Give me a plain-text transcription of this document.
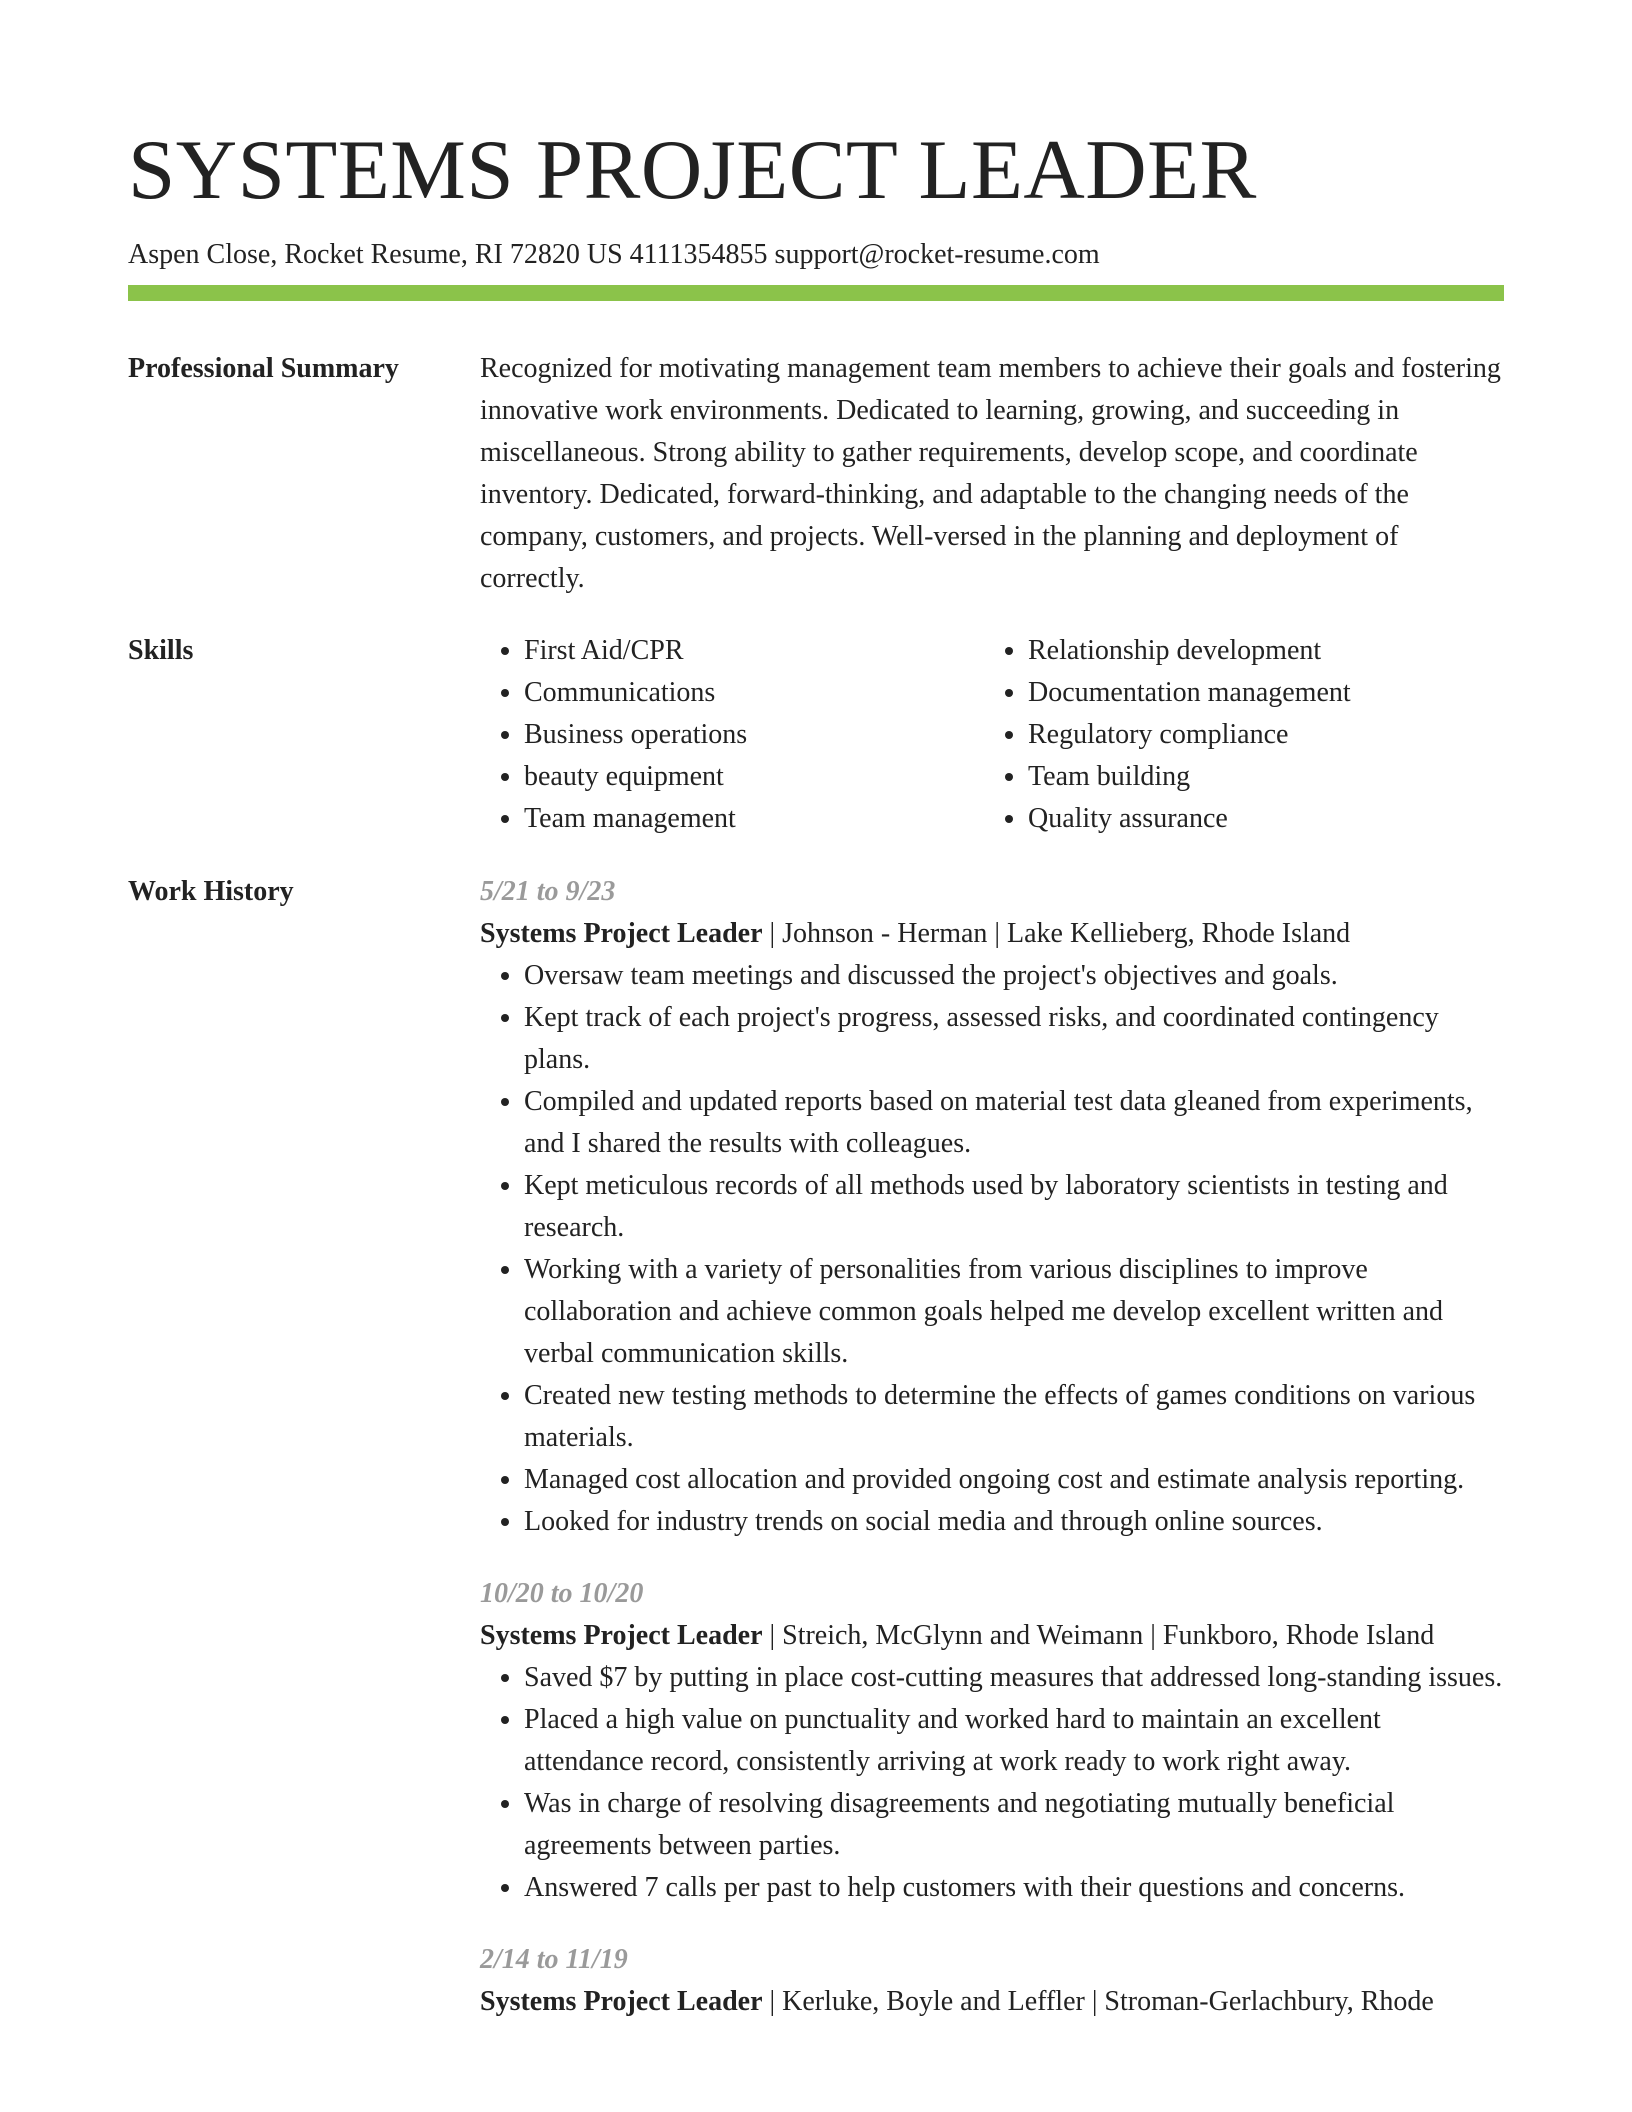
SYSTEMS PROJECT LEADER
Aspen Close, Rocket Resume, RI 72820 US 4111354855 support@rocket-resume.com
Professional Summary	Recognized for motivating management team members to achieve their goals and fostering innovative work environments. Dedicated to learning, growing, and succeeding in miscellaneous. Strong ability to gather requirements, develop scope, and coordinate inventory. Dedicated, forward-thinking, and adaptable to the changing needs of the company, customers, and projects. Well-versed in the planning and deployment of correctly.

Skills
•	First Aid/CPR
• Communications
• Business operations
• beauty equipment
• Team management
• Relationship development
• Documentation management
• Regulatory compliance
• Team building
• Quality assurance
Work History	5/21 to 9/23
Systems Project Leader | Johnson - Herman | Lake Kellieberg, Rhode Island
• Oversaw team meetings and discussed the project's objectives and goals.
• Kept track of each project's progress, assessed risks, and coordinated contingency plans.
• Compiled and updated reports based on material test data gleaned from experiments, and I shared the results with colleagues.
• Kept meticulous records of all methods used by laboratory scientists in testing and research.
• Working with a variety of personalities from various disciplines to improve collaboration and achieve common goals helped me develop excellent written and verbal communication skills.
• Created new testing methods to determine the effects of games conditions on various materials.
• Managed cost allocation and provided ongoing cost and estimate analysis reporting.
• Looked for industry trends on social media and through online sources.
10/20 to 10/20
Systems Project Leader | Streich, McGlynn and Weimann | Funkboro, Rhode Island
• Saved $7 by putting in place cost-cutting measures that addressed long-standing issues.
• Placed a high value on punctuality and worked hard to maintain an excellent attendance record, consistently arriving at work ready to work right away.
• Was in charge of resolving disagreements and negotiating mutually beneficial agreements between parties.
• Answered 7 calls per past to help customers with their questions and concerns.
2/14 to 11/19
Systems Project Leader | Kerluke, Boyle and Leffler | Stroman-Gerlachbury, Rhode
